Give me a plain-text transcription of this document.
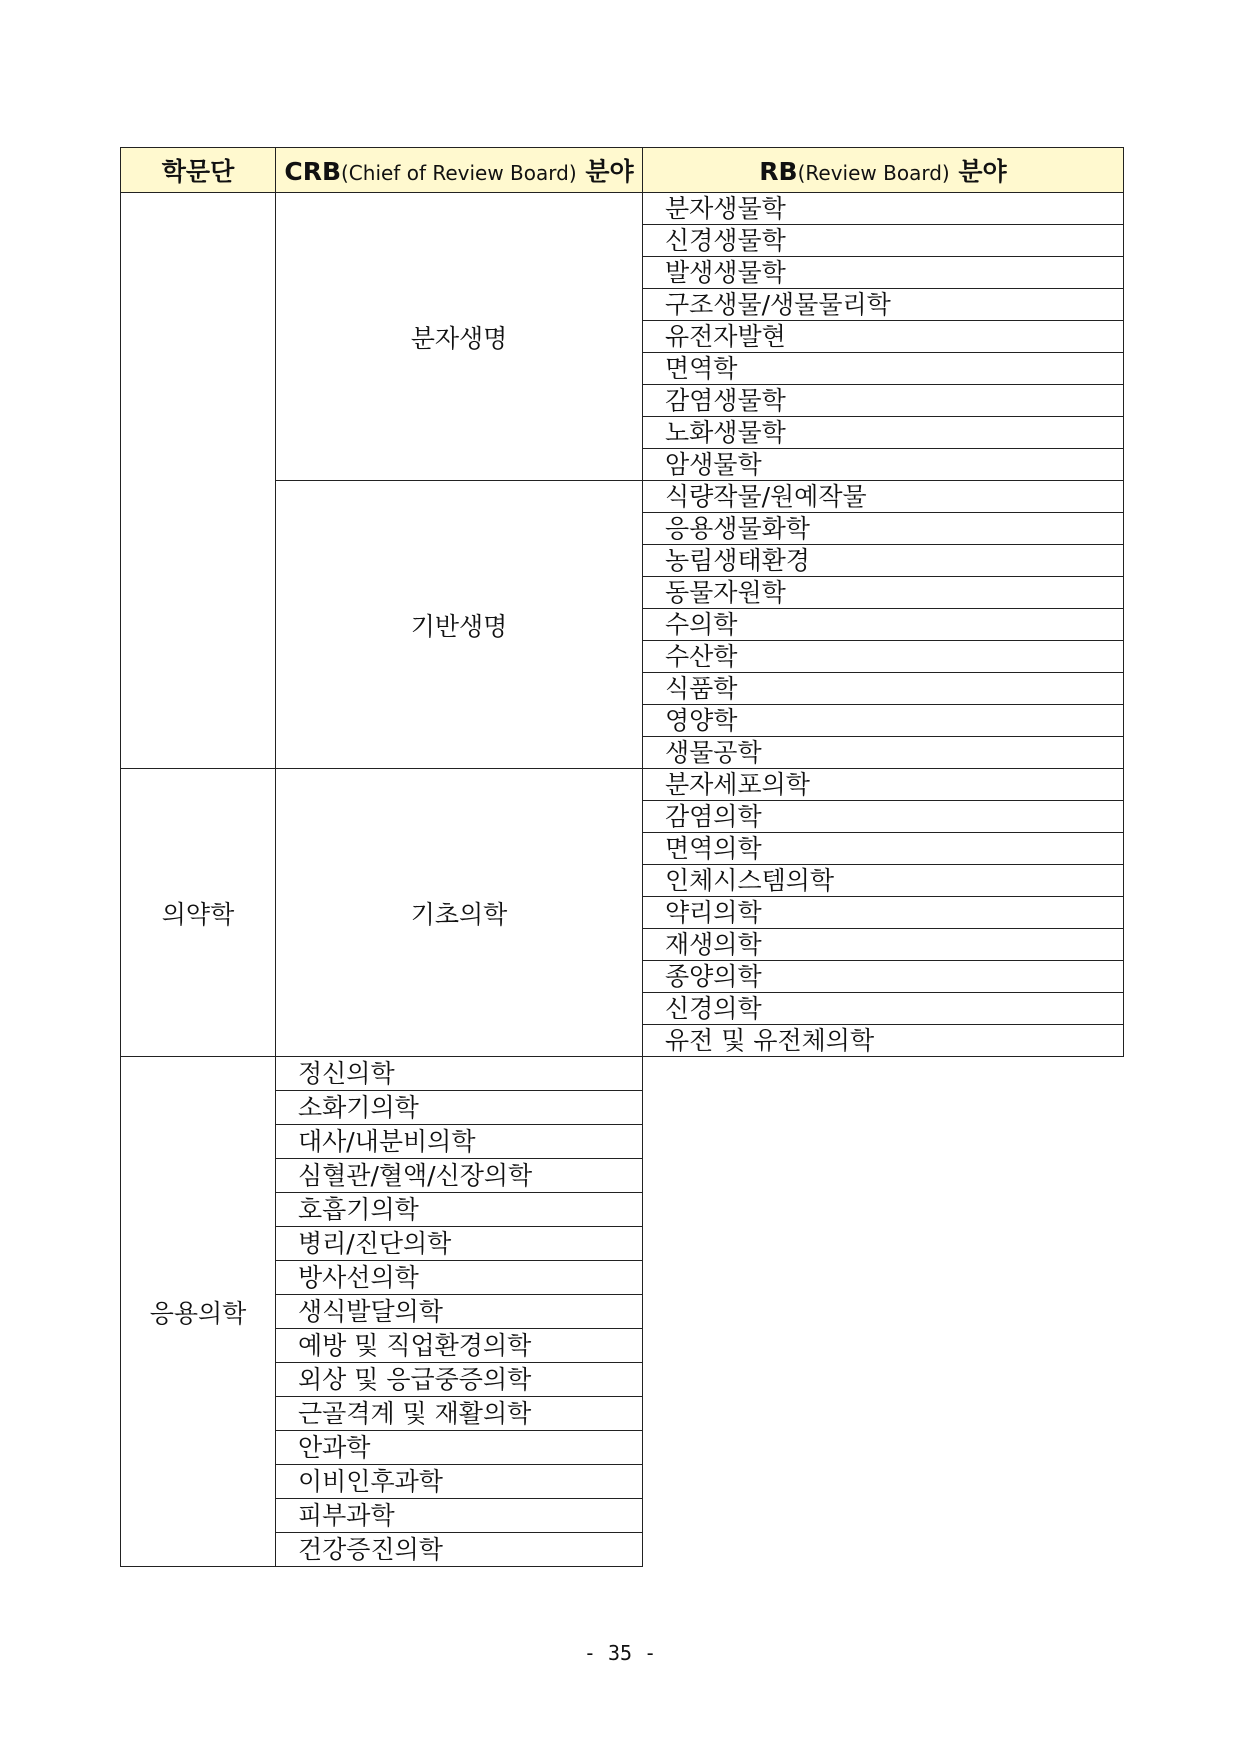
학문단	CRB(Chief of Review Board) 분야	RB(Review Board) 분야
	분자생명	분자생물학
		신경생물학
		발생생물학
		구조생물/생물물리학
		유전자발현
		면역학
		감염생물학
		노화생물학
		암생물학
	기반생명	식량작물/원예작물
		응용생물화학
		농림생태환경
		동물자원학
		수의학
		수산학
		식품학
		영양학
		생물공학
의약학	기초의학	분자세포의학
		감염의학
		면역의학
		인체시스템의학
		약리의학
		재생의학
		종양의학
		신경의학
		유전 및 유전체의학
응용의학	정신의학	
	소화기의학	
	대사/내분비의학	
	심혈관/혈액/신장의학	
	호흡기의학	
	병리/진단의학	
	방사선의학	
	생식발달의학	
	예방 및 직업환경의학	
	외상 및 응급중증의학	
	근골격계 및 재활의학	
	안과학	
	이비인후과학	
	피부과학	
	건강증진의학	
- 35 -
